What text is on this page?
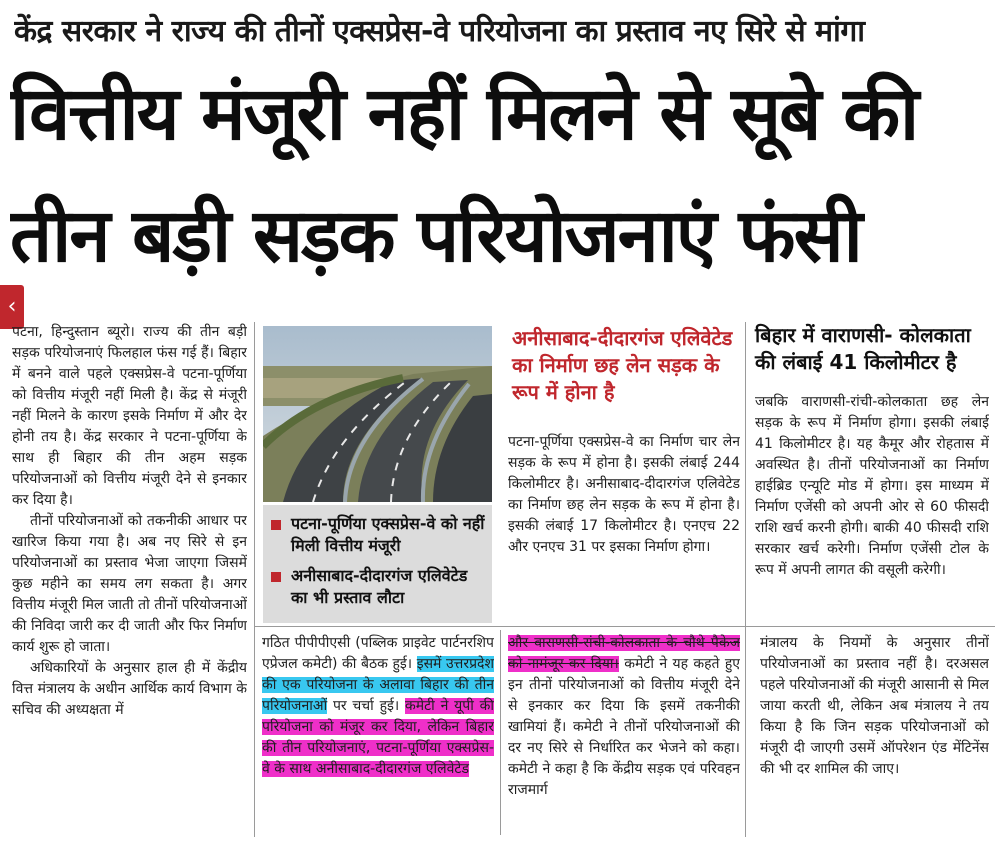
केंद्र सरकार ने राज्य की तीनों एक्सप्रेस-वे परियोजना का प्रस्ताव नए सिरे से मांगा
वित्तीय मंजूरी नहीं मिलने से सूबे की
तीन बड़ी सड़क परियोजनाएं फंसी
‹

पटना, हिन्दुस्तान ब्यूरो। राज्य की तीन बड़ी सड़क परियोजनाएं फिलहाल फंस गई हैं। बिहार में बनने वाले पहले एक्सप्रेस-वे पटना-पूर्णिया को वित्तीय मंजूरी नहीं मिली है। केंद्र से मंजूरी नहीं मिलने के कारण इसके निर्माण में और देर होनी तय है। केंद्र सरकार ने पटना-पूर्णिया के साथ ही बिहार की तीन अहम सड़क परियोजनाओं को वित्तीय मंजूरी देने से इनकार कर दिया है।

तीनों परियोजनाओं को तकनीकी आधार पर खारिज किया गया है। अब नए सिरे से इन परियोजनाओं का प्रस्ताव भेजा जाएगा जिसमें कुछ महीने का समय लग सकता है। अगर वित्तीय मंजूरी मिल जाती तो तीनों परियोजनाओं की निविदा जारी कर दी जाती और फिर निर्माण कार्य शुरू हो जाता।

अधिकारियों के अनुसार हाल ही में केंद्रीय वित्त मंत्रालय के अधीन आर्थिक कार्य विभाग के सचिव की अध्यक्षता में

पटना-पूर्णिया एक्सप्रेस-वे को नहीं मिली वित्तीय मंजूरी
अनीसाबाद-दीदारगंज एलिवेटेड का भी प्रस्ताव लौटा
अनीसाबाद-दीदारगंज एलिवेटेड का निर्माण छह लेन सड़क के रूप में होना है

पटना-पूर्णिया एक्सप्रेस-वे का निर्माण चार लेन सड़क के रूप में होना है। इसकी लंबाई 244 किलोमीटर है। अनीसाबाद-दीदारगंज एलिवेटेड का निर्माण छह लेन सड़क के रूप में होना है। इसकी लंबाई 17 किलोमीटर है। एनएच 22 और एनएच 31 पर इसका निर्माण होगा।

बिहार में वाराणसी- कोलकाता की लंबाई 41 किलोमीटर है

जबकि वाराणसी-रांची-कोलकाता छह लेन सड़क के रूप में निर्माण होगा। इसकी लंबाई 41 किलोमीटर है। यह कैमूर और रोहतास में अवस्थित है। तीनों परियोजनाओं का निर्माण हाईब्रिड एन्यूटि मोड में होगा। इस माध्यम में निर्माण एजेंसी को अपनी ओर से 60 फीसदी राशि खर्च करनी होगी। बाकी 40 फीसदी राशि सरकार खर्च करेगी। निर्माण एजेंसी टोल के रूप में अपनी लागत की वसूली करेगी।

गठित पीपीपीएसी (पब्लिक प्राइवेट पार्टनरशिप एप्रेजल कमेटी) की बैठक हुई। इसमें उत्तरप्रदेश की एक परियोजना के अलावा बिहार की तीन परियोजनाओं पर चर्चा हुई। कमेटी ने यूपी की परियोजना को मंजूर कर दिया, लेकिन बिहार की तीन परियोजनाएं, पटना-पूर्णिया एक्सप्रेस-वे के साथ अनीसाबाद-दीदारगंज एलिवेटेड

और वाराणसी-रांची-कोलकाता के चौथे पैकेज को नामंजूर कर दिया। कमेटी ने यह कहते हुए इन तीनों परियोजनाओं को वित्तीय मंजूरी देने से इनकार कर दिया कि इसमें तकनीकी खामियां हैं। कमेटी ने तीनों परियोजनाओं की दर नए सिरे से निर्धारित कर भेजने को कहा। कमेटी ने कहा है कि केंद्रीय सड़क एवं परिवहन राजमार्ग

मंत्रालय के नियमों के अनुसार तीनों परियोजनाओं का प्रस्ताव नहीं है। दरअसल पहले परियोजनाओं की मंजूरी आसानी से मिल जाया करती थी, लेकिन अब मंत्रालय ने तय किया है कि जिन सड़क परियोजनाओं को मंजूरी दी जाएगी उसमें ऑपरेशन एंड मेंटिनेंस की भी दर शामिल की जाए।
